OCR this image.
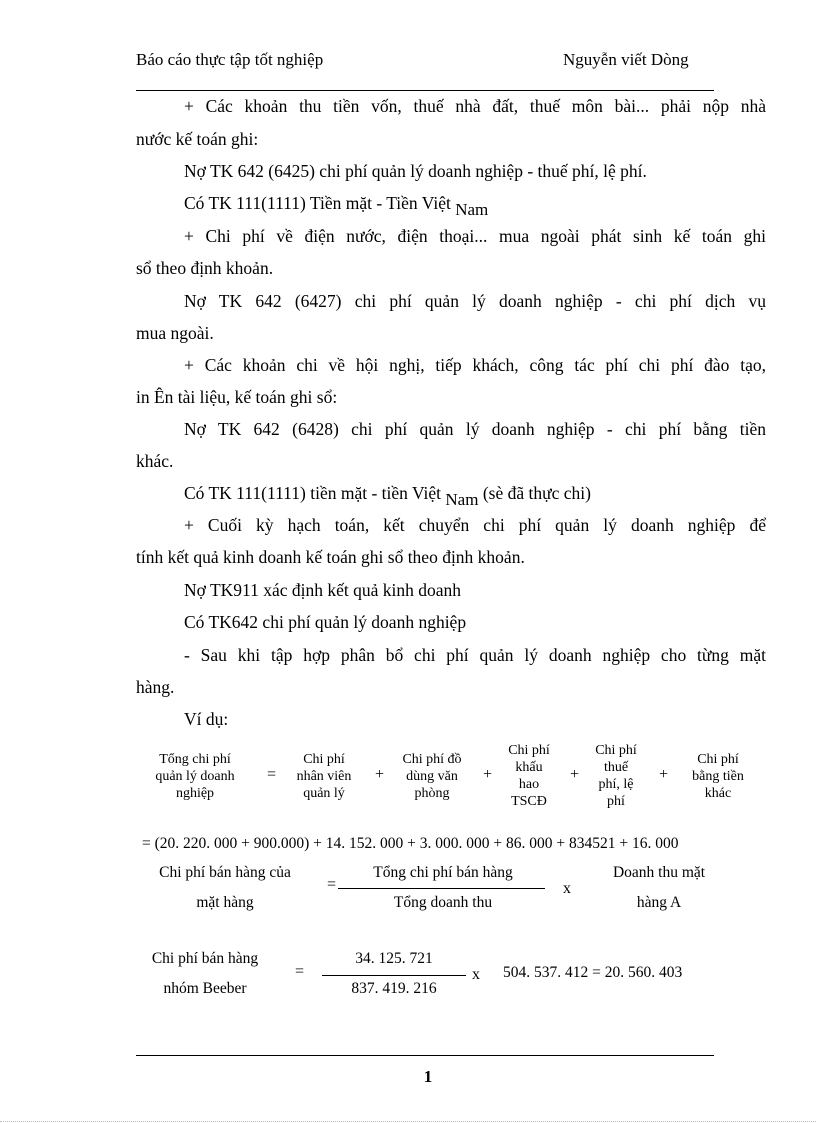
Báo cáo thực tập tốt nghiệp	Nguyễn viết Dòng
+ Các khoản thu tiền vốn, thuế nhà đất, thuế môn bài... phải nộp nhà
nước kế toán ghi:
Nợ TK 642 (6425) chi phí quản lý doanh nghiệp - thuế phí, lệ phí.
Có TK 111(1111) Tiền mặt - Tiền Việt Nam
+ Chi phí về điện nước, điện thoại... mua ngoài phát sinh kế toán ghi
sổ theo định khoản.
Nợ TK 642 (6427) chi phí quản lý doanh nghiệp - chi phí dịch vụ
mua ngoài.
+ Các khoản chi về hội nghị, tiếp khách, công tác phí chi phí đào tạo,
in Ên tài liệu, kế toán ghi sổ:
Nợ TK 642 (6428) chi phí quản lý doanh nghiệp - chi phí bằng tiền
khác.
Có TK 111(1111) tiền mặt - tiền Việt Nam (sè đã thực chi)
+ Cuối kỳ hạch toán, kết chuyển chi phí quản lý doanh nghiệp để
tính kết quả kinh doanh kế toán ghi sổ theo định khoản.
Nợ TK911 xác định kết quả kinh doanh
Có TK642 chi phí quản lý doanh nghiệp
- Sau khi tập hợp phân bổ chi phí quản lý doanh nghiệp cho từng mặt
hàng.
Ví dụ:
Tổng chi phí
quản lý doanh
nghiệp
=
Chi phí
nhân viên
quản lý
+
Chi phí đồ
dùng văn
phòng
+
Chi phí
khấu
hao
TSCĐ
+
Chi phí
thuế
phí, lệ
phí
+
Chi phí
bằng tiền
khác
= (20. 220. 000 + 900.000) + 14. 152. 000 + 3. 000. 000 + 86. 000 + 834521 + 16. 000
Chi phí bán hàng của
mặt hàng
=
Tổng chi phí bán hàng
Tổng doanh thu
x
Doanh thu mặt
hàng A
Chi phí bán hàng
nhóm Beeber
=
34. 125. 721
837. 419. 216
x 504. 537. 412 = 20. 560. 403
1
